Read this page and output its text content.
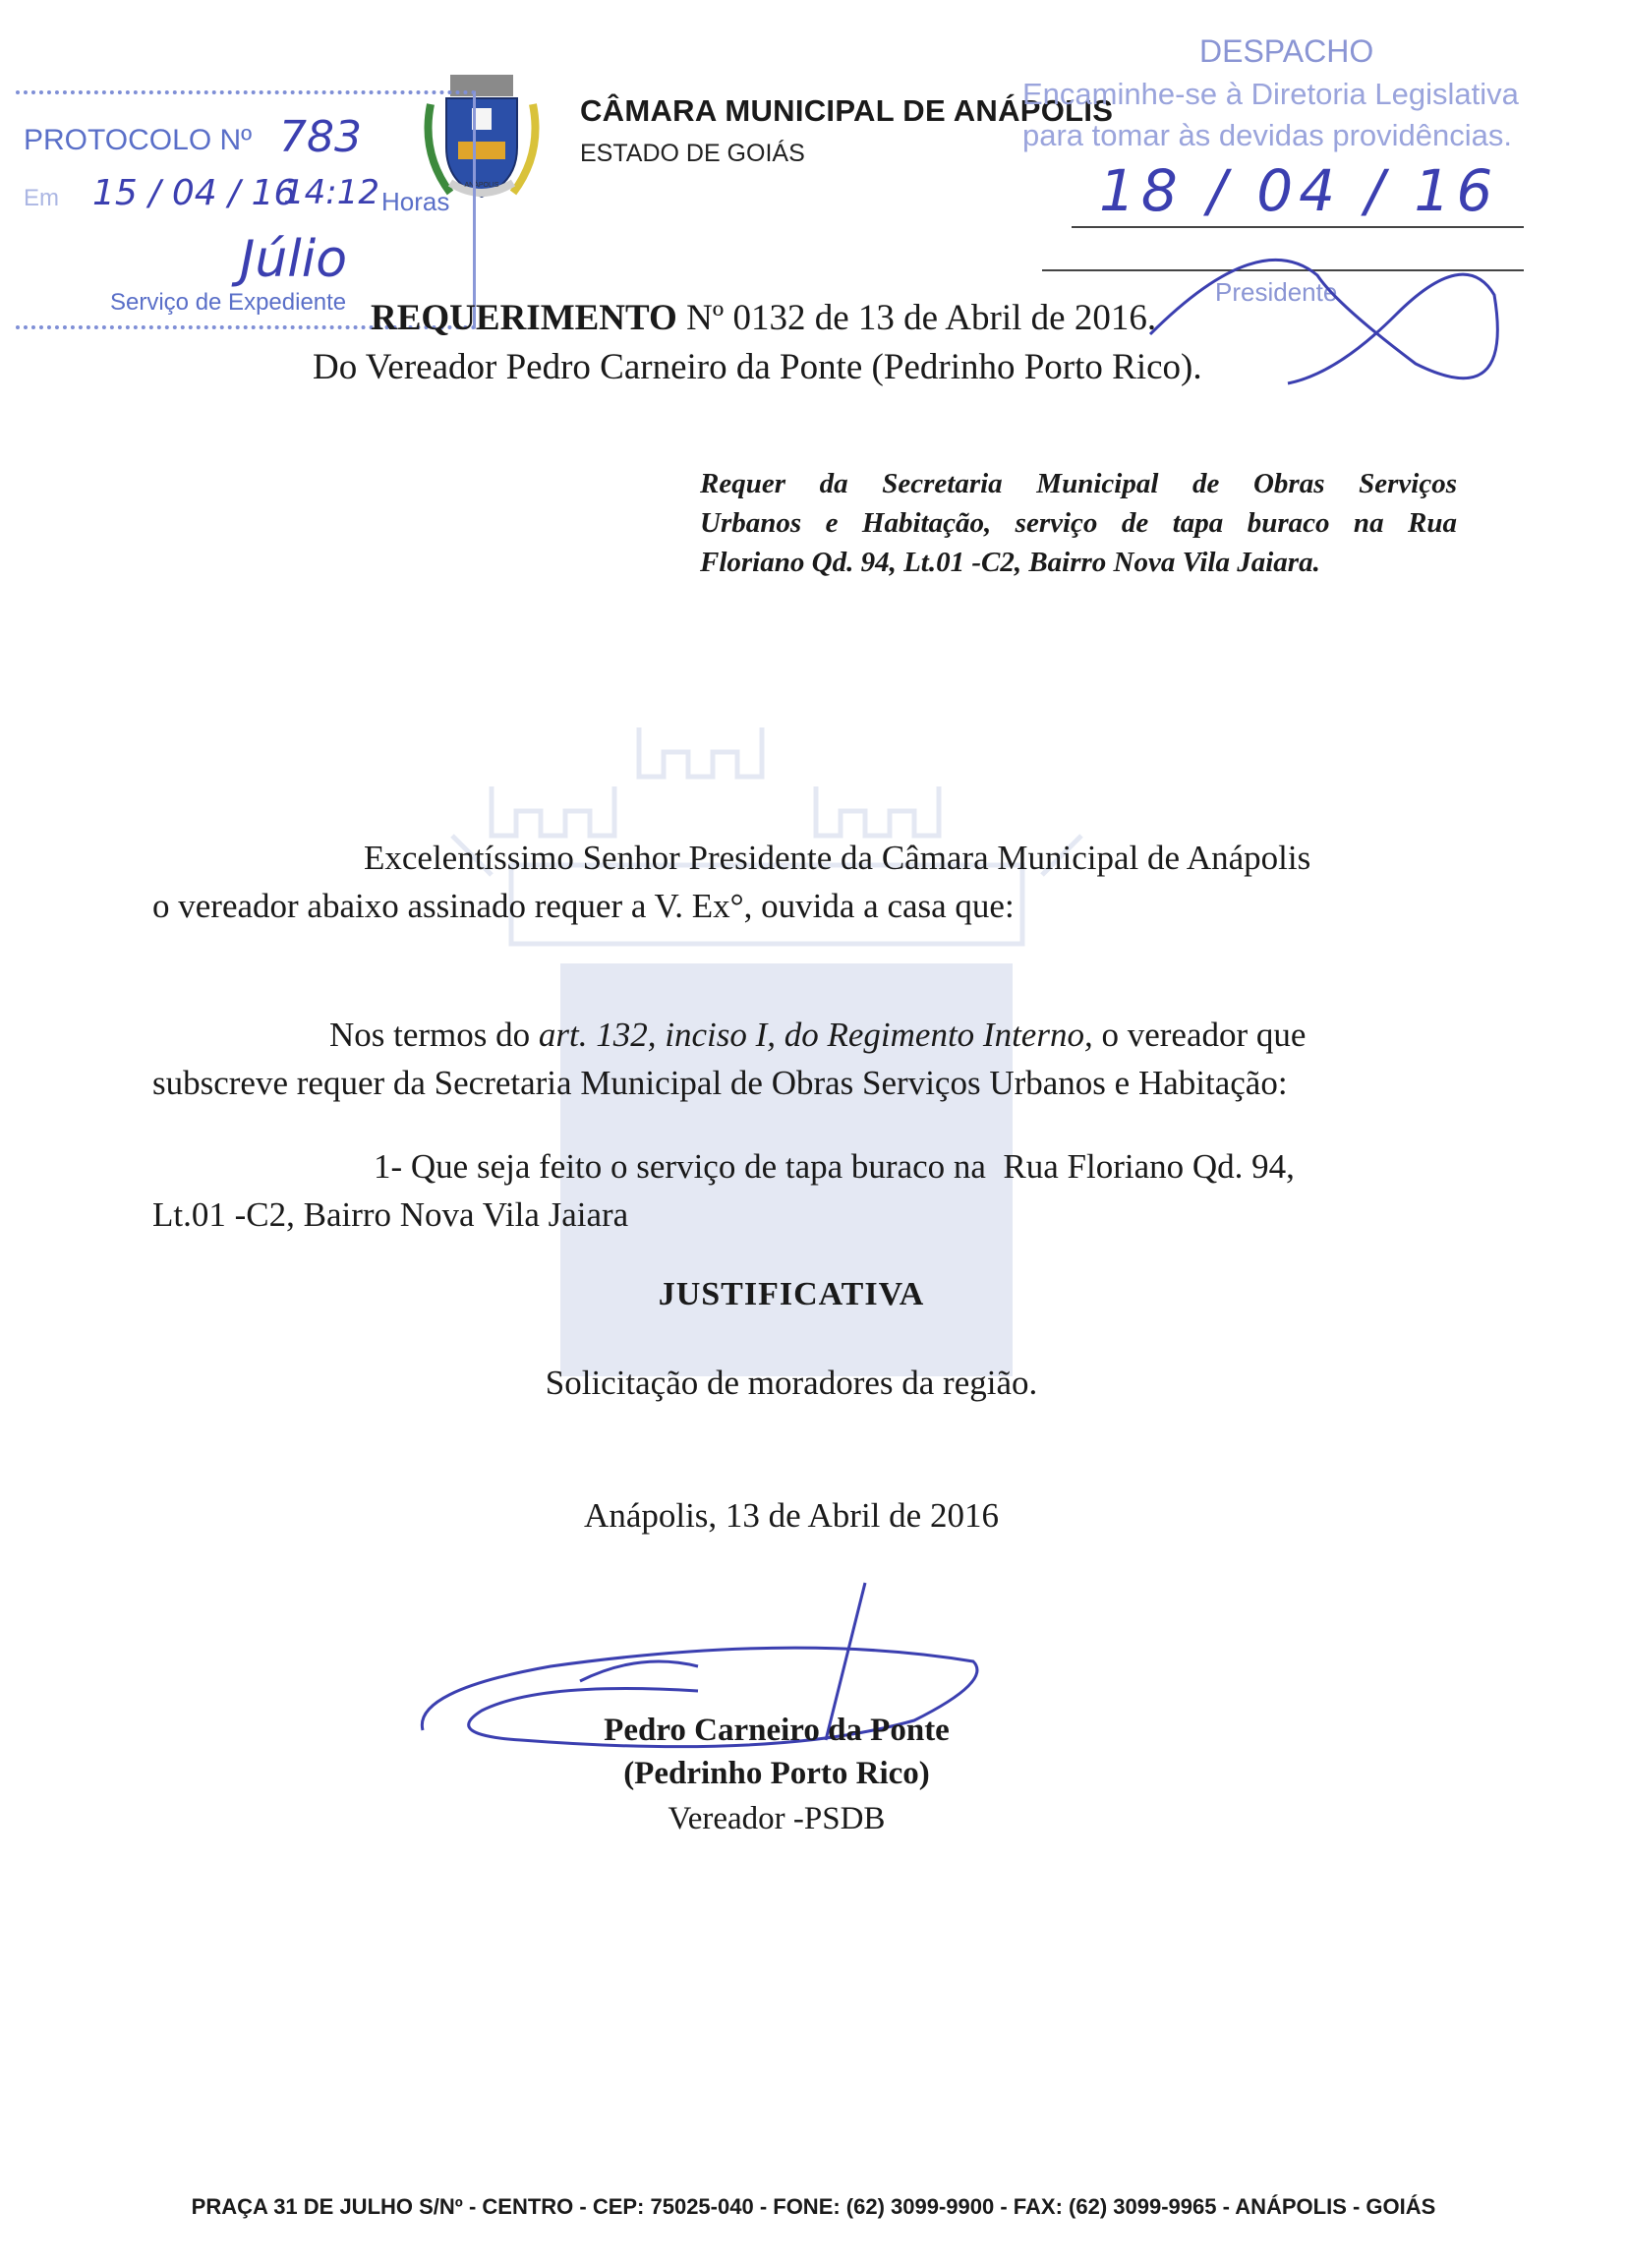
ANÁPOLIS
CÂMARA MUNICIPAL DE ANÁPOLIS
ESTADO DE GOIÁS
PROTOCOLO Nº 783
Em 15 / 04 / 16
14:12 Horas
Júlio
Serviço de Expediente
DESPACHO
Encaminhe-se à Diretoria Legislativa
para tomar às devidas providências.
18 / 04 / 16
Presidente
REQUERIMENTO Nº 0132 de 13 de Abril de 2016.
Do Vereador Pedro Carneiro da Ponte (Pedrinho Porto Rico).
Requer da Secretaria Municipal de Obras Serviços
Urbanos e Habitação, serviço de tapa buraco na Rua
Floriano Qd. 94, Lt.01 -C2, Bairro Nova Vila Jaiara.
Excelentíssimo Senhor Presidente da Câmara Municipal de Anápolis
o vereador abaixo assinado requer a V. Ex°, ouvida a casa que:
Nos termos do art. 132, inciso I, do Regimento Interno, o vereador que
subscreve requer da Secretaria Municipal de Obras Serviços Urbanos e Habitação:
1- Que seja feito o serviço de tapa buraco na  Rua Floriano Qd. 94,
Lt.01 -C2, Bairro Nova Vila Jaiara
JUSTIFICATIVA
Solicitação de moradores da região.
Anápolis, 13 de Abril de 2016
Pedro Carneiro da Ponte
(Pedrinho Porto Rico)
Vereador -PSDB
PRAÇA 31 DE JULHO S/Nº - CENTRO - CEP: 75025-040 - FONE: (62) 3099-9900 - FAX: (62) 3099-9965 - ANÁPOLIS - GOIÁS
